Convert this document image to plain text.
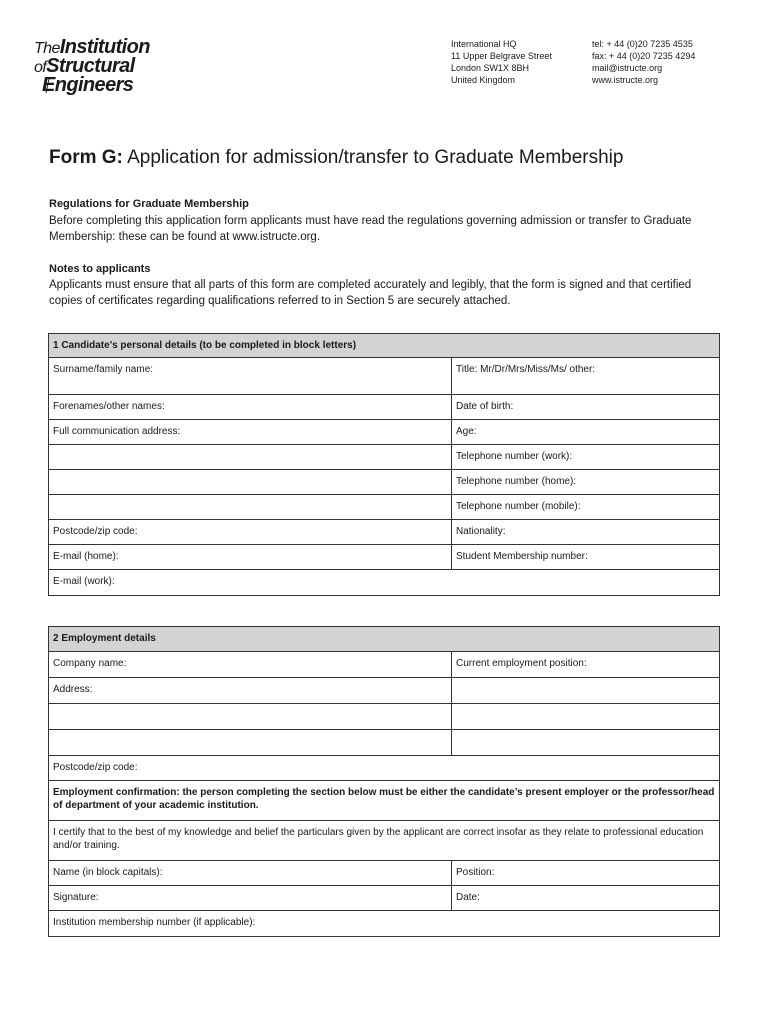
TheInstitution
ofStructural
Engineers
International HQ
11 Upper Belgrave Street
London SW1X 8BH
United Kingdom
tel: + 44 (0)20 7235 4535
fax: + 44 (0)20 7235 4294
mail@istructe.org
www.istructe.org
Form G: Application for admission/transfer to Graduate Membership
Regulations for Graduate Membership
Before completing this application form applicants must have read the regulations governing admission or transfer to Graduate Membership: these can be found at www.istructe.org.
Notes to applicants
Applicants must ensure that all parts of this form are completed accurately and legibly, that the form is signed and that certified copies of certificates regarding qualifications referred to in Section 5 are securely attached.
1 Candidate’s personal details (to be completed in block letters)	
Surname/family name:	Title: Mr/Dr/Mrs/Miss/Ms/ other:
Forenames/other names:	Date of birth:
Full communication address:	Age:
	Telephone number (work):
	Telephone number (home):
	Telephone number (mobile):
Postcode/zip code:	Nationality:
E-mail (home):	Student Membership number:
E-mail (work):	
2 Employment details	
Company name:	Current employment position:
Address:	

Postcode/zip code:	
Employment confirmation: the person completing the section below must be either the candidate’s present employer or the professor/head of department of your academic institution.	
I certify that to the best of my knowledge and belief the particulars given by the applicant are correct insofar as they relate to professional education and/or training.	
Name (in block capitals):	Position:
Signature:	Date:
Institution membership number (if applicable):	
